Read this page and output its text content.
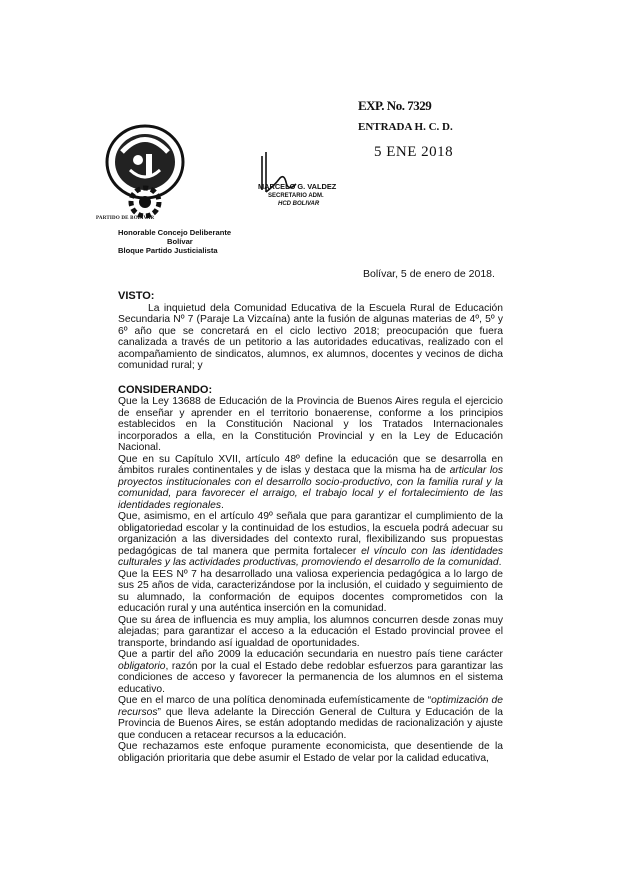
PARTIDO DE BOLIVAR
Honorable Concejo Deliberante
Bolívar
Bloque Partido Justicialista
MARCELO G. VALDEZ
SECRETARIO ADM.
HCD BOLIVAR
EXP. No. 7329
ENTRADA H. C. D.
5 ENE 2018
Bolívar, 5 de enero de 2018.
VISTO:
La inquietud dela Comunidad Educativa de la Escuela Rural de Educación Secundaria Nº 7 (Paraje La Vizcaína) ante la fusión de algunas materias de 4º, 5º y 6º año que se concretará en el ciclo lectivo 2018; preocupación que fuera canalizada a través de un petitorio a las autoridades educativas, realizado con el acompañamiento de sindicatos, alumnos, ex alumnos, docentes y vecinos de dicha comunidad rural; y
CONSIDERANDO:
Que la Ley 13688 de Educación de la Provincia de Buenos Aires regula el ejercicio de enseñar y aprender en el territorio bonaerense, conforme a los principios establecidos en la Constitución Nacional y los Tratados Internacionales incorporados a ella, en la Constitución Provincial y en la Ley de Educación Nacional.
Que en su Capítulo XVII, artículo 48º define la educación que se desarrolla en ámbitos rurales continentales y de islas y destaca que la misma ha de articular los proyectos institucionales con el desarrollo socio-productivo, con la familia rural y la comunidad, para favorecer el arraigo, el trabajo local y el fortalecimiento de las identidades regionales.
Que, asimismo, en el artículo 49º señala que para garantizar el cumplimiento de la obligatoriedad escolar y la continuidad de los estudios, la escuela podrá adecuar su organización a las diversidades del contexto rural, flexibilizando sus propuestas pedagógicas de tal manera que permita fortalecer el vínculo con las identidades culturales y las actividades productivas, promoviendo el desarrollo de la comunidad.
Que la EES Nº 7 ha desarrollado una valiosa experiencia pedagógica a lo largo de sus 25 años de vida, caracterizándose por la inclusión, el cuidado y seguimiento de su alumnado, la conformación de equipos docentes comprometidos con la educación rural y una auténtica inserción en la comunidad.
Que su área de influencia es muy amplia, los alumnos concurren desde zonas muy alejadas; para garantizar el acceso a la educación el Estado provincial provee el transporte, brindando así igualdad de oportunidades.
Que a partir del año 2009 la educación secundaria en nuestro país tiene carácter obligatorio, razón por la cual el Estado debe redoblar esfuerzos para garantizar las condiciones de acceso y favorecer la permanencia de los alumnos en el sistema educativo.
Que en el marco de una política denominada eufemísticamente de “optimización de recursos” que lleva adelante la Dirección General de Cultura y Educación de la Provincia de Buenos Aires, se están adoptando medidas de racionalización y ajuste que conducen a retacear recursos a la educación.
Que rechazamos este enfoque puramente economicista, que desentiende de la obligación prioritaria que debe asumir el Estado de velar por la calidad educativa,
